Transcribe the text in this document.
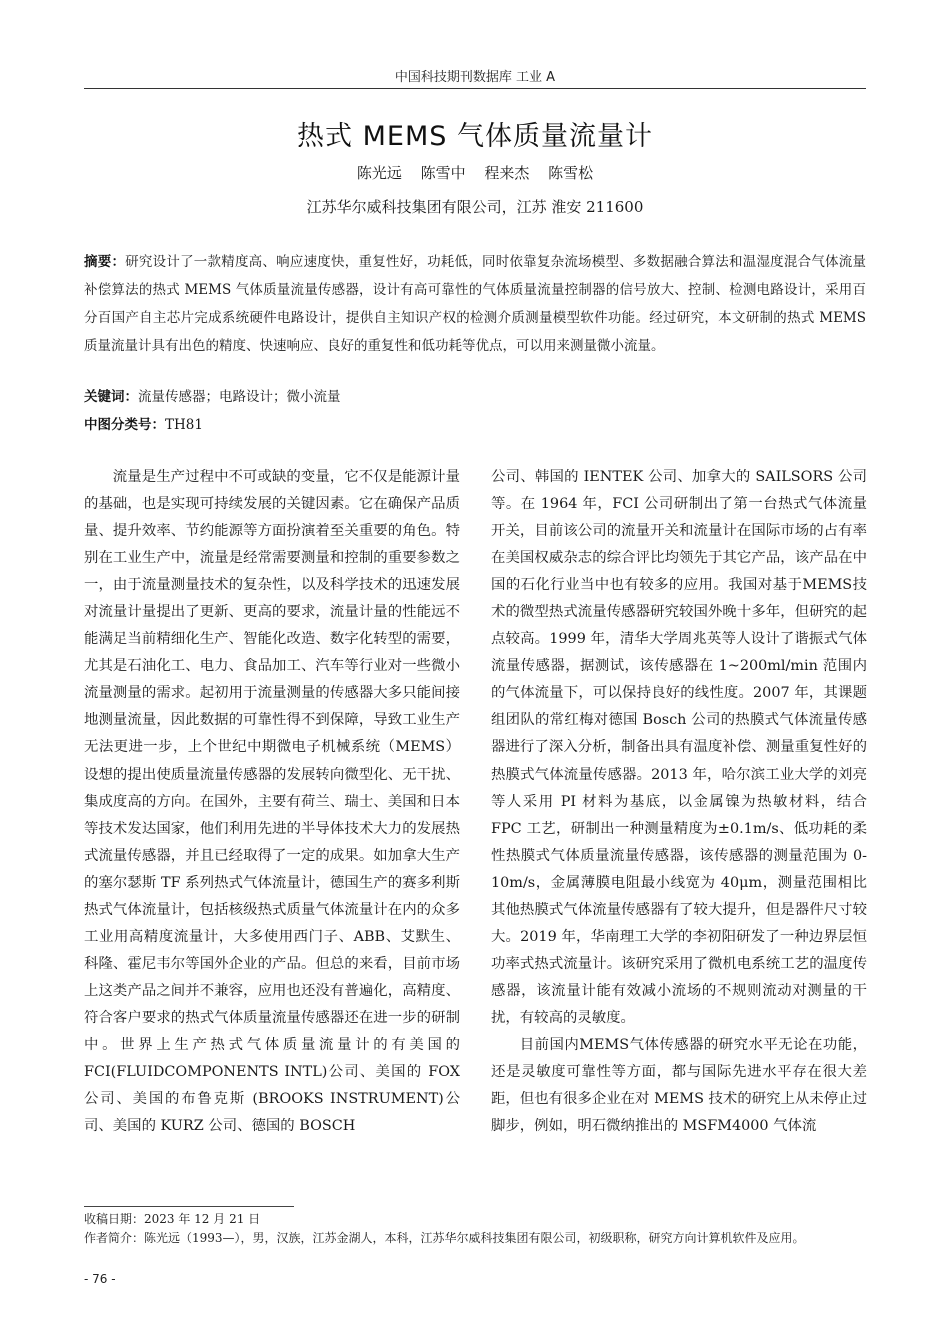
中国科技期刊数据库 工业 A
热式 MEMS 气体质量流量计
陈光远 陈雪中 程来杰 陈雪松
江苏华尔威科技集团有限公司，江苏 淮安 211600
摘要：研究设计了一款精度高、响应速度快，重复性好，功耗低，同时依靠复杂流场模型、多数据融合算法和温湿度混合气体流量补偿算法的热式 MEMS 气体质量流量传感器，设计有高可靠性的气体质量流量控制器的信号放大、控制、检测电路设计，采用百分百国产自主芯片完成系统硬件电路设计，提供自主知识产权的检测介质测量模型软件功能。经过研究，本文研制的热式 MEMS 质量流量计具有出色的精度、快速响应、良好的重复性和低功耗等优点，可以用来测量微小流量。
关键词：流量传感器；电路设计；微小流量
中图分类号：TH81

流量是生产过程中不可或缺的变量，它不仅是能源计量的基础，也是实现可持续发展的关键因素。它在确保产品质量、提升效率、节约能源等方面扮演着至关重要的角色。特别在工业生产中，流量是经常需要测量和控制的重要参数之一，由于流量测量技术的复杂性，以及科学技术的迅速发展对流量计量提出了更新、更高的要求，流量计量的性能远不能满足当前精细化生产、智能化改造、数字化转型的需要，尤其是石油化工、电力、食品加工、汽车等行业对一些微小流量测量的需求。起初用于流量测量的传感器大多只能间接地测量流量，因此数据的可靠性得不到保障，导致工业生产无法更进一步，上个世纪中期微电子机械系统（MEMS）设想的提出使质量流量传感器的发展转向微型化、无干扰、集成度高的方向。在国外，主要有荷兰、瑞士、美国和日本等技术发达国家，他们利用先进的半导体技术大力的发展热式流量传感器，并且已经取得了一定的成果。如加拿大生产的塞尔瑟斯 TF 系列热式气体流量计，德国生产的赛多利斯热式气体流量计，包括核级热式质量气体流量计在内的众多工业用高精度流量计，大多使用西门子、ABB、艾默生、科隆、霍尼韦尔等国外企业的产品。但总的来看，目前市场上这类产品之间并不兼容，应用也还没有普遍化，高精度、符合客户要求的热式气体质量流量传感器还在进一步的研制中。世界上生产热式气体质量流量计的有美国的 FCI(FLUIDCOMPONENTS INTL)公司、美国的 FOX 公司、美国的布鲁克斯 (BROOKS INSTRUMENT)公司、美国的 KURZ 公司、德国的 BOSCH

公司、韩国的 IENTEK 公司、加拿大的 SAILSORS 公司等。在 1964 年，FCI 公司研制出了第一台热式气体流量开关，目前该公司的流量开关和流量计在国际市场的占有率在美国权威杂志的综合评比均领先于其它产品，该产品在中国的石化行业当中也有较多的应用。我国对基于MEMS技术的微型热式流量传感器研究较国外晚十多年，但研究的起点较高。1999 年，清华大学周兆英等人设计了谐振式气体流量传感器，据测试，该传感器在 1~200ml/min 范围内的气体流量下，可以保持良好的线性度。2007 年，其课题组团队的常红梅对德国 Bosch 公司的热膜式气体流量传感器进行了深入分析，制备出具有温度补偿、测量重复性好的热膜式气体流量传感器。2013 年，哈尔滨工业大学的刘亮等人采用 PI 材料为基底，以金属镍为热敏材料，结合 FPC 工艺，研制出一种测量精度为±0.1m/s、低功耗的柔性热膜式气体质量流量传感器，该传感器的测量范围为 0-10m/s，金属薄膜电阻最小线宽为 40μm，测量范围相比其他热膜式气体流量传感器有了较大提升，但是器件尺寸较大。2019 年，华南理工大学的李初阳研发了一种边界层恒功率式热式流量计。该研究采用了微机电系统工艺的温度传感器，该流量计能有效减小流场的不规则流动对测量的干扰，有较高的灵敏度。

目前国内MEMS气体传感器的研究水平无论在功能，还是灵敏度可靠性等方面，都与国际先进水平存在很大差距，但也有很多企业在对 MEMS 技术的研究上从未停止过脚步，例如，明石微纳推出的 MSFM4000 气体流

收稿日期：2023 年 12 月 21 日

作者简介：陈光远（1993—），男，汉族，江苏金湖人，本科，江苏华尔威科技集团有限公司，初级职称，研究方向计算机软件及应用。

- 76 -
